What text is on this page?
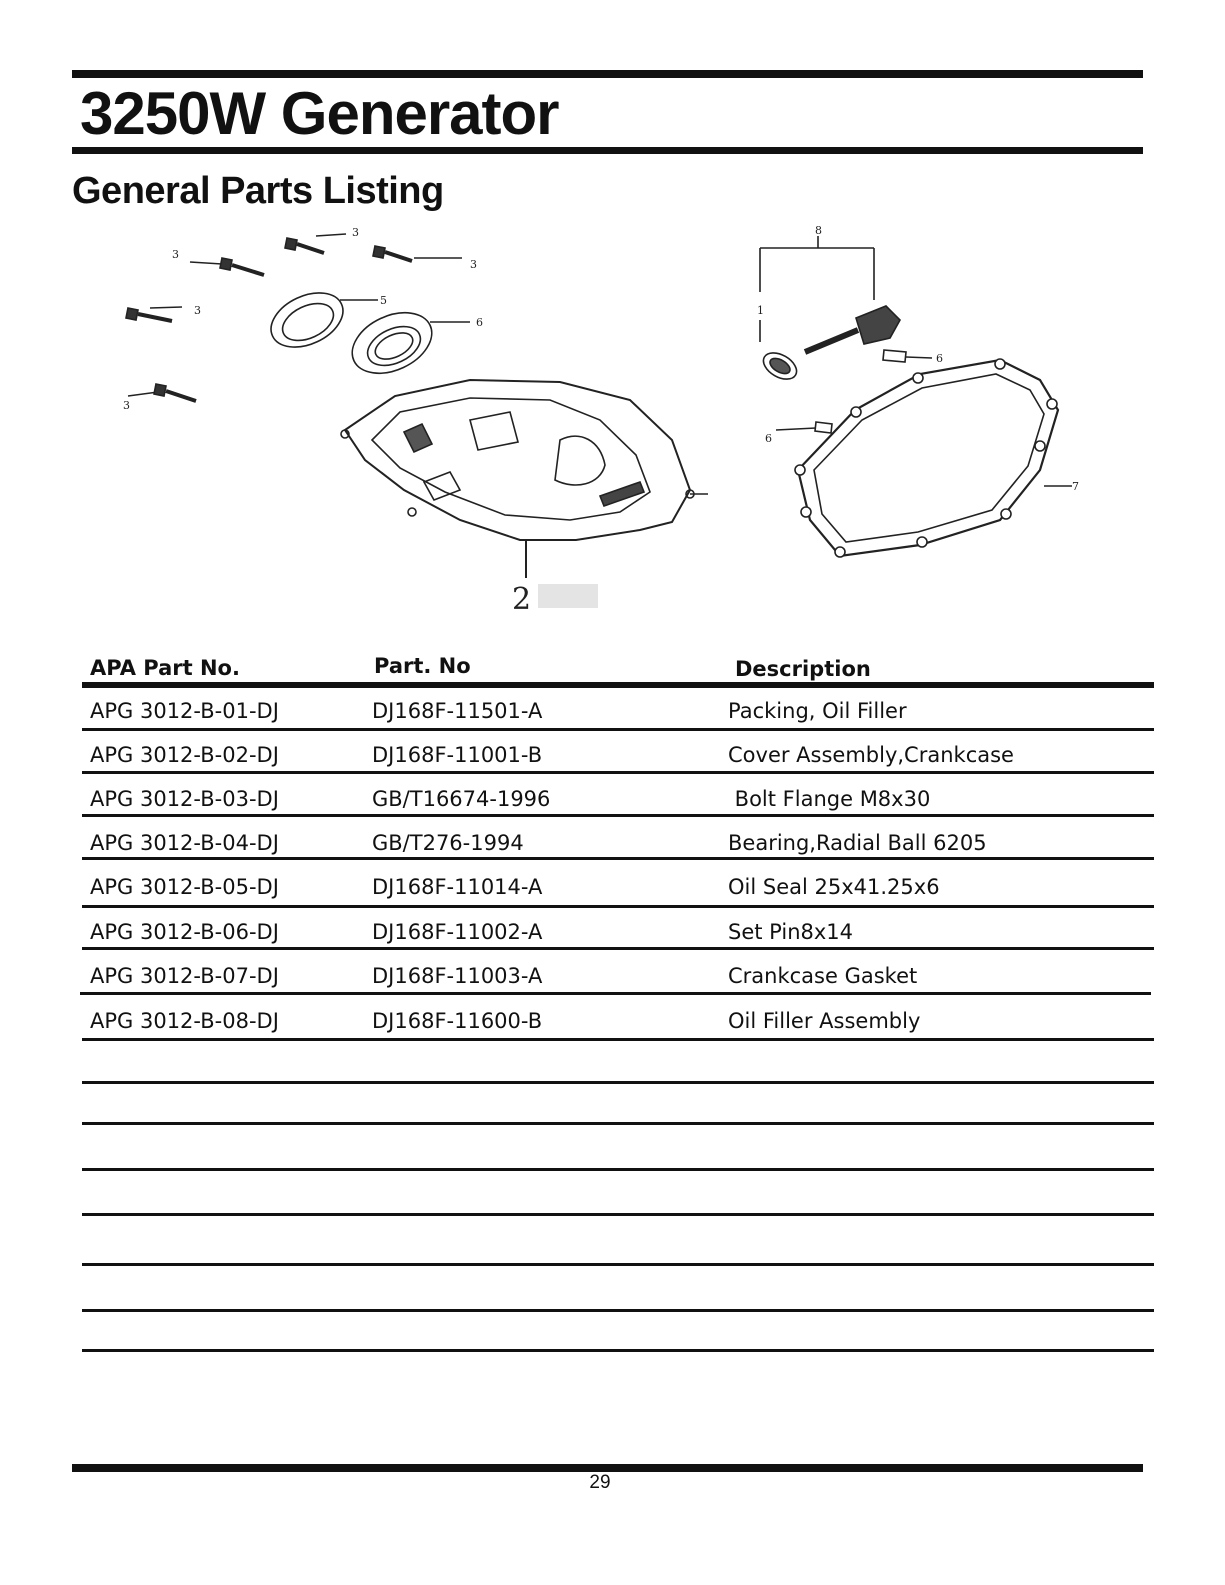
3250W Generator
General Parts Listing
3
3
3
3
3
5
6
8
1
6
6
7
2
APA Part No.	Part. No	Description
APG 3012-B-01-DJ	DJ168F-11501-A	Packing, Oil Filler
APG 3012-B-02-DJ	DJ168F-11001-B	Cover Assembly,Crankcase
APG 3012-B-03-DJ	GB/T16674-1996	Bolt Flange M8x30
APG 3012-B-04-DJ	GB/T276-1994	Bearing,Radial Ball 6205
APG 3012-B-05-DJ	DJ168F-11014-A	Oil Seal 25x41.25x6
APG 3012-B-06-DJ	DJ168F-11002-A	Set Pin8x14
APG 3012-B-07-DJ	DJ168F-11003-A	Crankcase Gasket
APG 3012-B-08-DJ	DJ168F-11600-B	Oil Filler Assembly
29
